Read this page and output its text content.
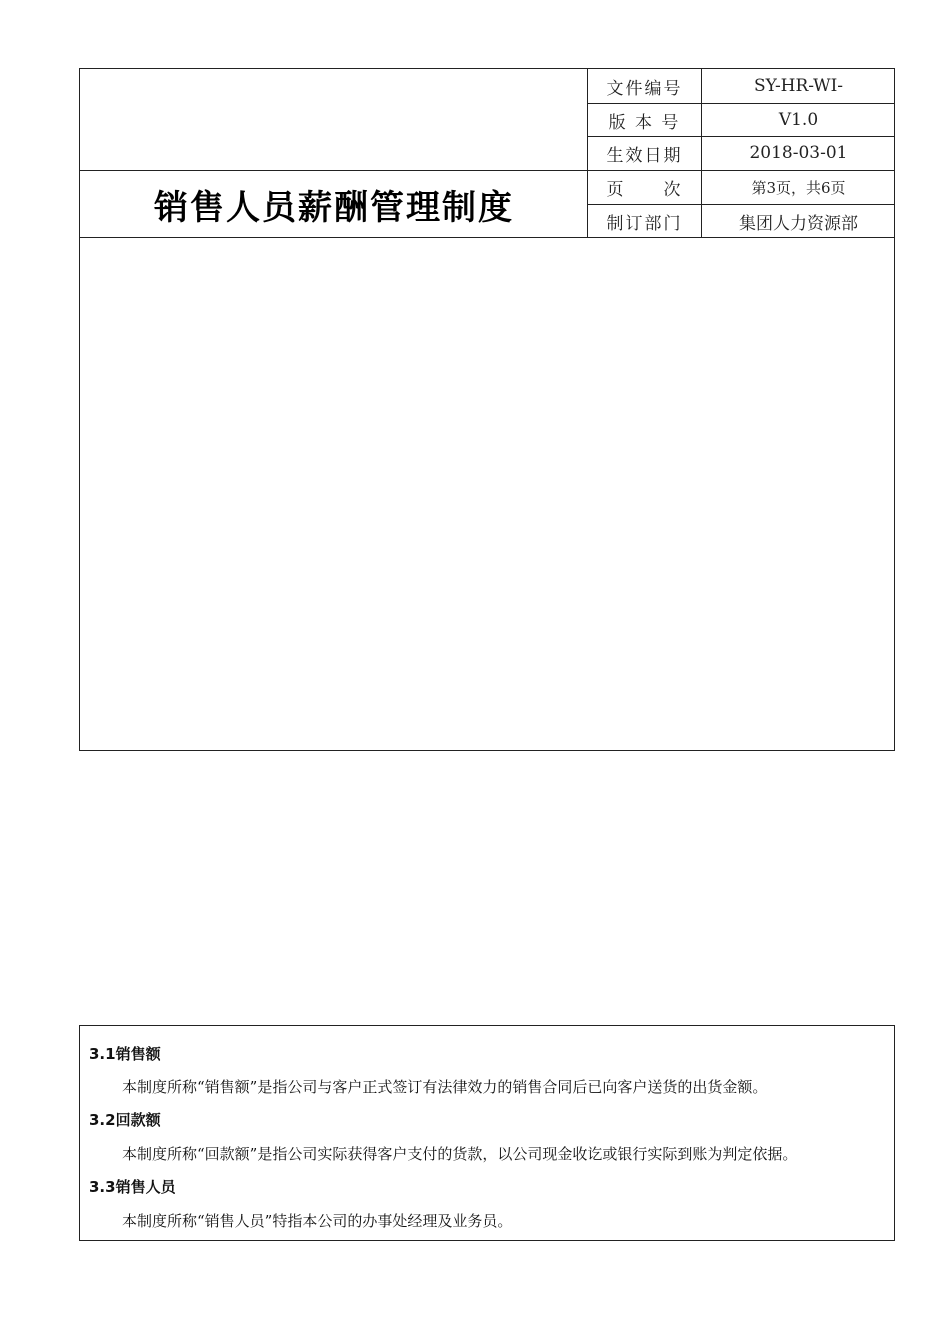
销售人员薪酬管理制度
文件编号	SY-HR-WI-
版 本 号	V1.0
生效日期	2018-03-01
页　　次	第3页，共6页
制订部门	集团人力资源部
3.1销售额
本制度所称“销售额”是指公司与客户正式签订有法律效力的销售合同后已向客户送货的出货金额。
3.2回款额
本制度所称“回款额”是指公司实际获得客户支付的货款，以公司现金收讫或银行实际到账为判定依据。
3.3销售人员
本制度所称“销售人员”特指本公司的办事处经理及业务员。
